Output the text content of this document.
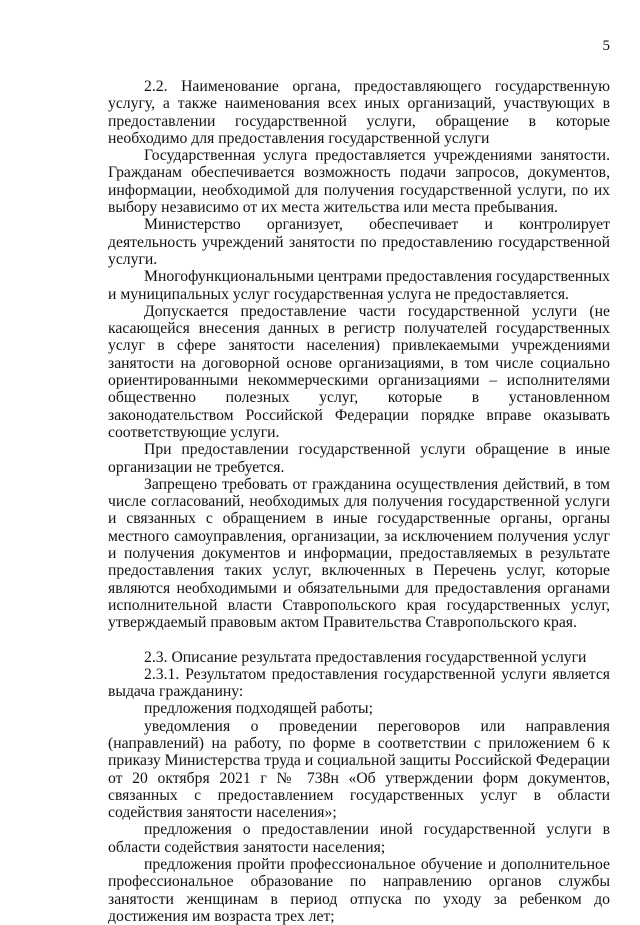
5

2.2. Наименование органа, предоставляющего государственную услугу, а также наименования всех иных организаций, участвующих в предоставлении государственной услуги, обращение в которые необходимо для предоставления государственной услуги

Государственная услуга предоставляется учреждениями занятости. Гражданам обеспечивается возможность подачи запросов, документов, информации, необходимой для получения государственной услуги, по их выбору независимо от их места жительства или места пребывания.

Министерство организует, обеспечивает и контролирует деятельность учреждений занятости по предоставлению государственной услуги.

Многофункциональными центрами предоставления государственных и муниципальных услуг государственная услуга не предоставляется.

Допускается предоставление части государственной услуги (не касающейся внесения данных в регистр получателей государственных услуг в сфере занятости населения) привлекаемыми учреждениями занятости на договорной основе организациями, в том числе социально ориентированными некоммерческими организациями – исполнителями общественно полезных услуг, которые в установленном законодательством Российской Федерации порядке вправе оказывать соответствующие услуги.

При предоставлении государственной услуги обращение в иные организации не требуется.

Запрещено требовать от гражданина осуществления действий, в том числе согласований, необходимых для получения государственной услуги и связанных с обращением в иные государственные органы, органы местного самоуправления, организации, за исключением получения услуг и получения документов и информации, предоставляемых в результате предоставления таких услуг, включенных в Перечень услуг, которые являются необходимыми и обязательными для предоставления органами исполнительной власти Ставропольского края государственных услуг, утверждаемый правовым актом Правительства Ставропольского края.

2.3. Описание результата предоставления государственной услуги

2.3.1. Результатом предоставления государственной услуги является выдача гражданину:

предложения подходящей работы;

уведомления о проведении переговоров или направления (направлений) на работу, по форме в соответствии с приложением 6 к приказу Министерства труда и социальной защиты Российской Федерации от 20 октября 2021 г № 738н «Об утверждении форм документов, связанных с предоставлением государственных услуг в области содействия занятости населения»;

предложения о предоставлении иной государственной услуги в области содействия занятости населения;

предложения пройти профессиональное обучение и дополнительное профессиональное образование по направлению органов службы занятости женщинам в период отпуска по уходу за ребенком до достижения им возраста трех лет;
